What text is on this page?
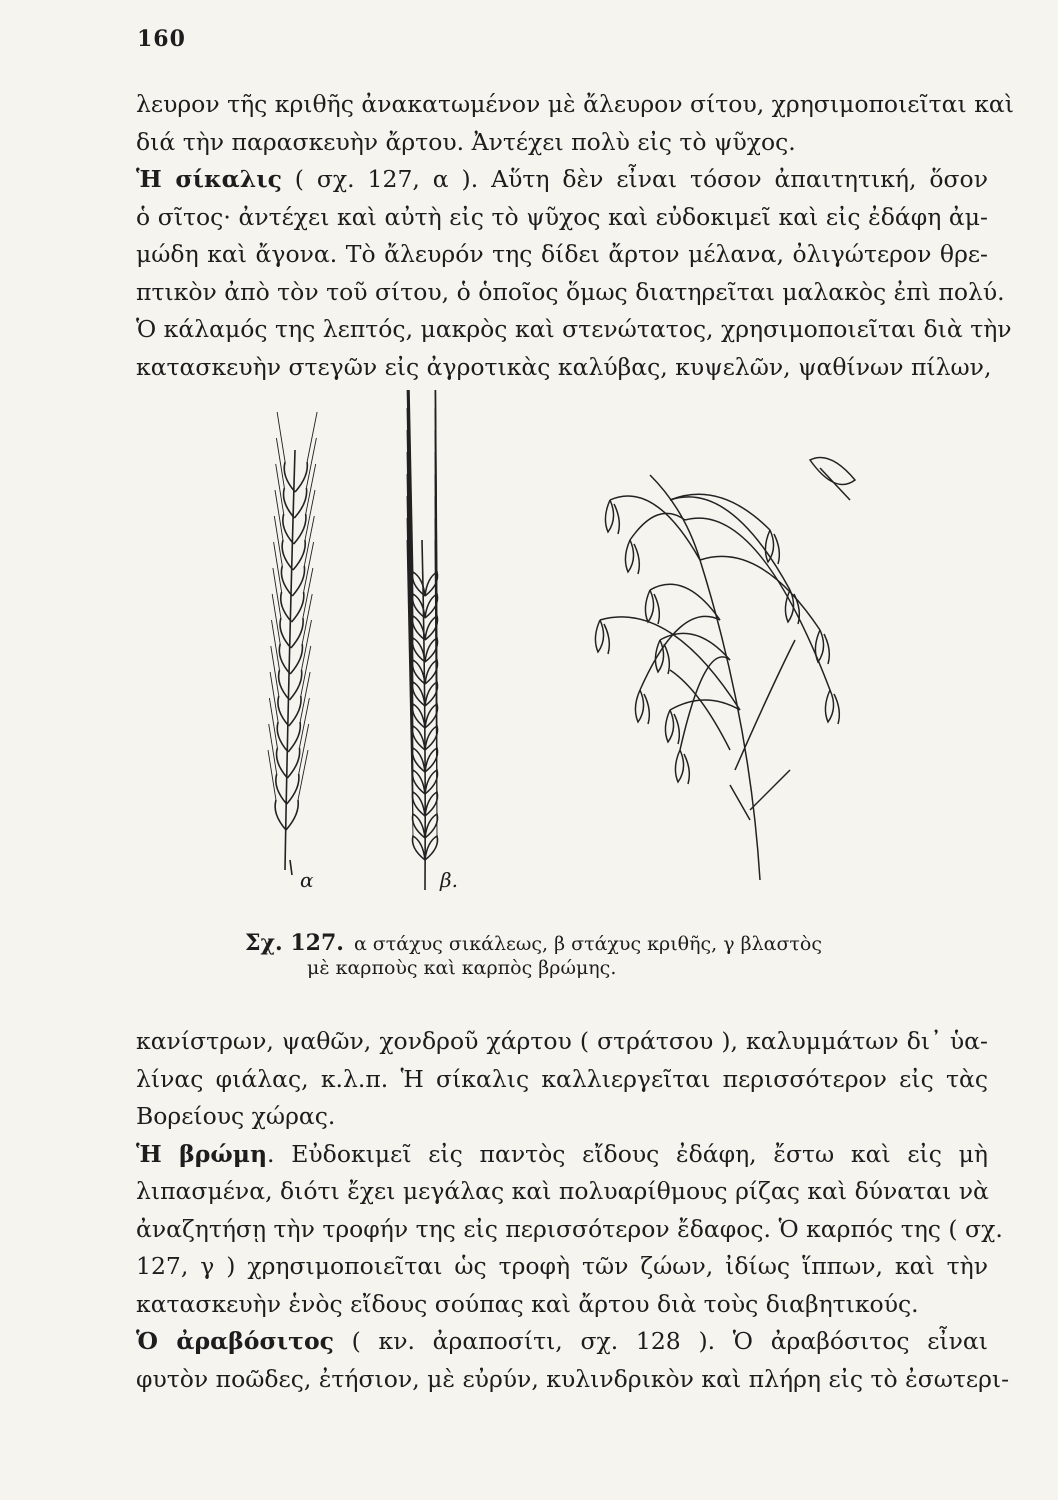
160
λευρον τῆς κριθῆς ἀνακατωμένον μὲ ἄλευρον σίτου, χρησιμοποιεῖται καὶ
διά τὴν παρασκευὴν ἄρτου. Ἀντέχει πολὺ εἰς τὸ ψῦχος.
Ἡ σίκαλις ( σχ. 127, α ). Αὕτη δὲν εἶναι τόσον ἀπαιτητική, ὅσον
ὁ σῖτος· ἀντέχει καὶ αὐτὴ εἰς τὸ ψῦχος καὶ εὐδοκιμεῖ καὶ εἰς ἐδάφη ἀμ-
μώδη καὶ ἄγονα. Τὸ ἄλευρόν της δίδει ἄρτον μέλανα, ὀλιγώτερον θρε-
πτικὸν ἀπὸ τὸν τοῦ σίτου, ὁ ὁποῖος ὅμως διατηρεῖται μαλακὸς ἐπὶ πολύ.
Ὁ κάλαμός της λεπτός, μακρὸς καὶ στενώτατος, χρησιμοποιεῖται διὰ τὴν
κατασκευὴν στεγῶν εἰς ἀγροτικὰς καλύβας, κυψελῶν, ψαθίνων πίλων,
α	β.
Σχ. 127. α στάχυς σικάλεως, β στάχυς κριθῆς, γ βλαστὸς
μὲ καρποὺς καὶ καρπὸς βρώμης.
κανίστρων, ψαθῶν, χονδροῦ χάρτου ( στράτσου ), καλυμμάτων δι᾽ ὑα-
λίνας φιάλας, κ.λ.π. Ἡ σίκαλις καλλιεργεῖται περισσότερον εἰς τὰς
Βορείους χώρας.
Ἡ βρώμη. Εὐδοκιμεῖ εἰς παντὸς εἴδους ἐδάφη, ἔστω καὶ εἰς μὴ
λιπασμένα, διότι ἔχει μεγάλας καὶ πολυαρίθμους ρίζας καὶ δύναται νὰ
ἀναζητήσῃ τὴν τροφήν της εἰς περισσότερον ἔδαφος. Ὁ καρπός της ( σχ.
127, γ ) χρησιμοποιεῖται ὡς τροφὴ τῶν ζώων, ἰδίως ἵππων, καὶ τὴν
κατασκευὴν ἑνὸς εἴδους σούπας καὶ ἄρτου διὰ τοὺς διαβητικούς.
Ὁ ἀραβόσιτος ( κν. ἀραποσίτι, σχ. 128 ). Ὁ ἀραβόσιτος εἶναι
φυτὸν ποῶδες, ἐτήσιον, μὲ εὐρύν, κυλινδρικὸν καὶ πλήρη εἰς τὸ ἐσωτερι-
